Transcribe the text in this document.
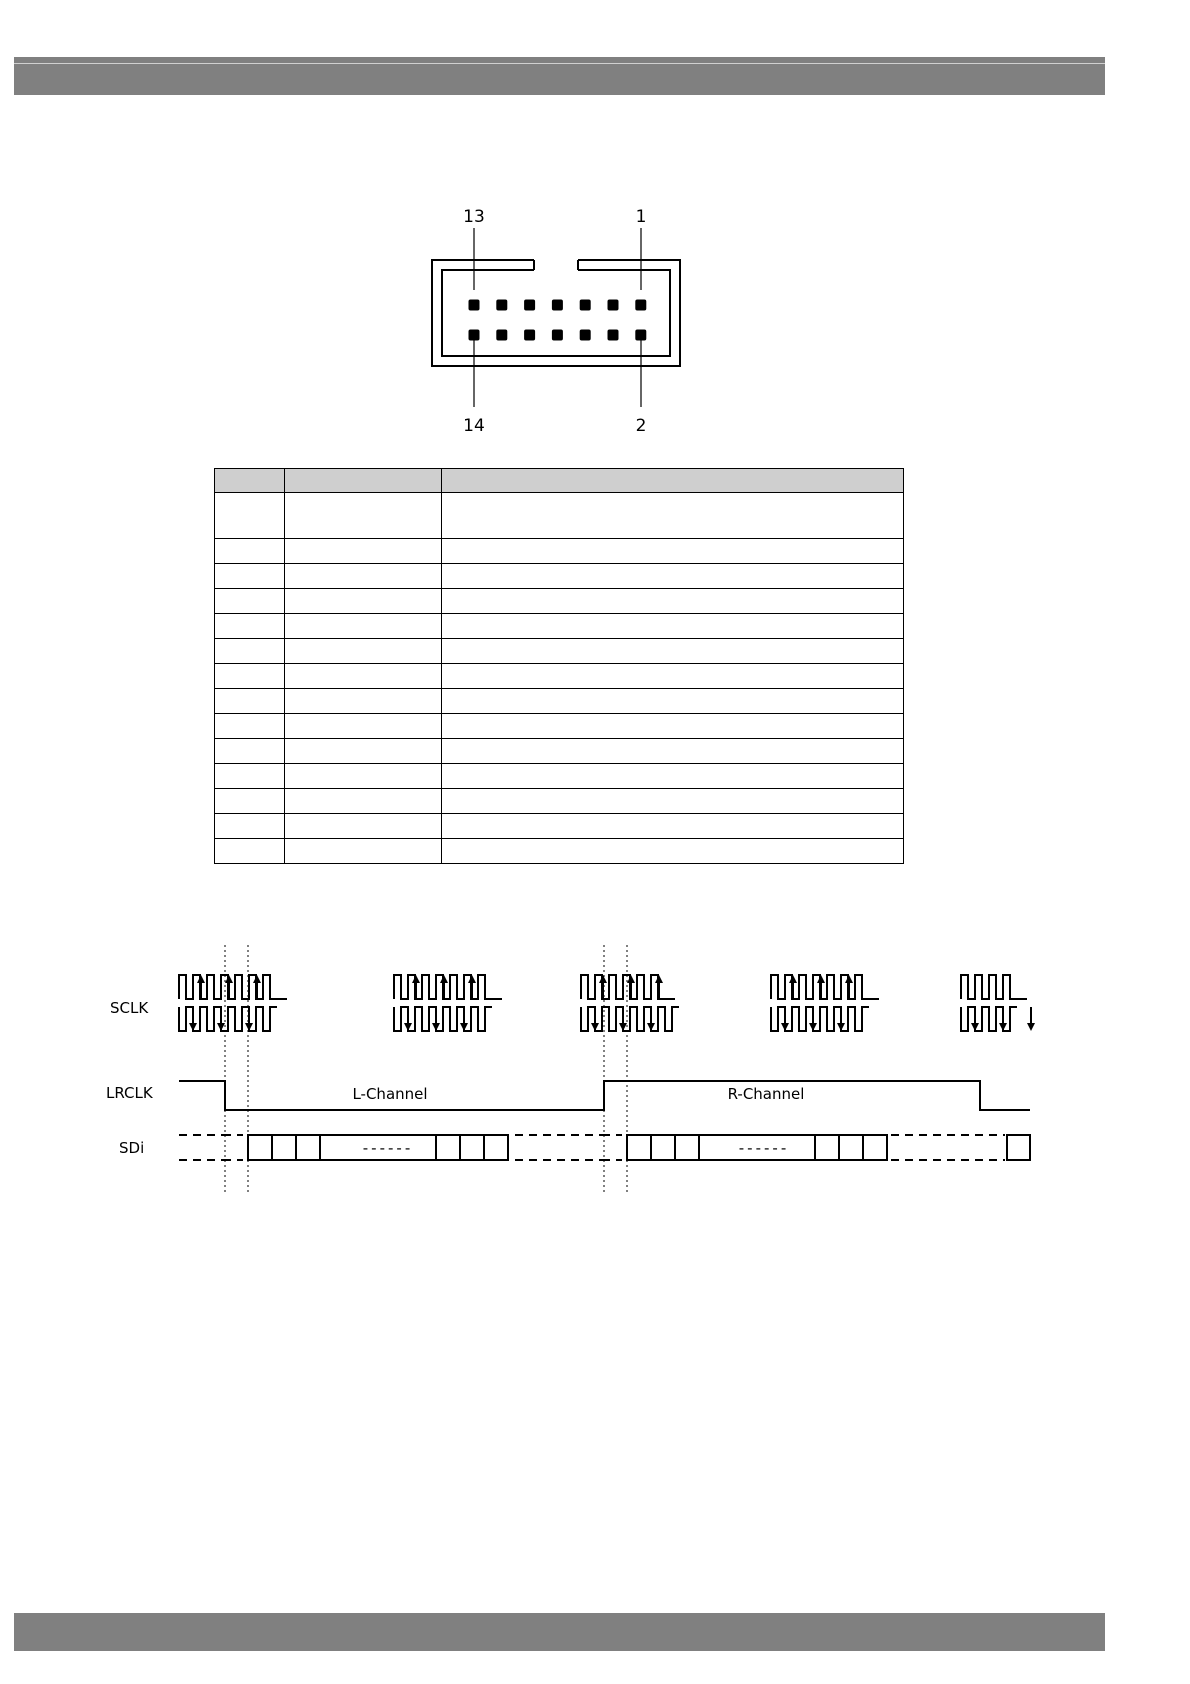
13	1
14	2

SCLK
LRCLK
SDi
L-Channel	R-Channel
------	------
